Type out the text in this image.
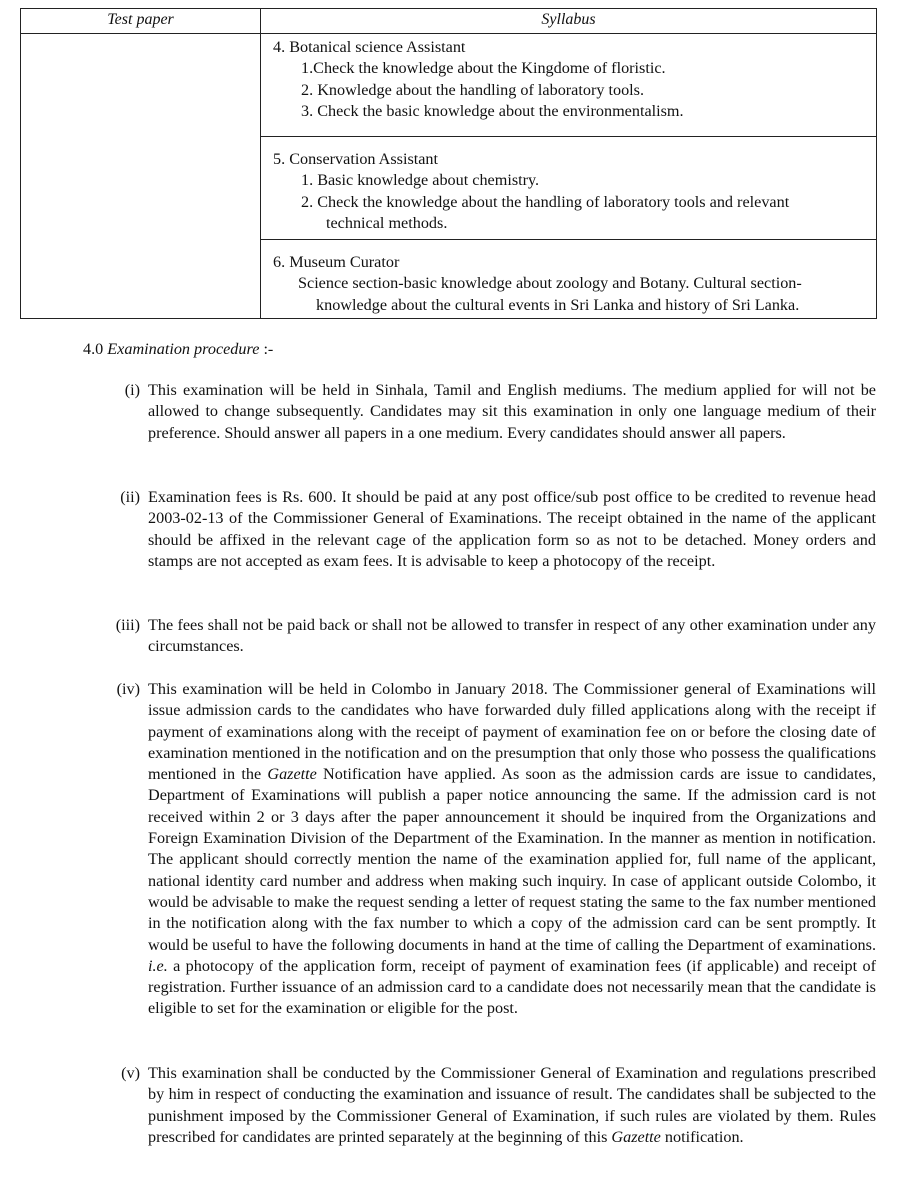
Test paper	Syllabus

	4. Botanical science Assistant
1.Check the knowledge about the Kingdome of floristic.
2. Knowledge about the handling of laboratory tools.
3. Check the basic knowledge about the environmentalism.

	5. Conservation Assistant
1. Basic knowledge about chemistry.
2. Check the knowledge about the handling of laboratory tools and relevant
technical methods.

	6. Museum Curator
Science section-basic knowledge about zoology and Botany. Cultural section-
knowledge about the cultural events in Sri Lanka and history of Sri Lanka.
4.0 Examination procedure :-
(i) This examination will be held in Sinhala, Tamil and English mediums. The medium applied for will not be allowed to change subsequently. Candidates may sit this examination in only one language medium of their preference. Should answer all papers in a one medium. Every candidates should answer all papers.
(ii) Examination fees is Rs. 600. It should be paid at any post office/sub post office to be credited to revenue head 2003-02-13 of the Commissioner General of Examinations. The receipt obtained in the name of the applicant should be affixed in the relevant cage of the application form so as not to be detached. Money orders and stamps are not accepted as exam fees. It is advisable to keep a photocopy of the receipt.
(iii) The fees shall not be paid back or shall not be allowed to transfer in respect of any other examination under any circumstances.
(iv) This examination will be held in Colombo in January 2018. The Commissioner general of Examinations will issue admission cards to the candidates who have forwarded duly filled applications along with the receipt if payment of examinations along with the receipt of payment of examination fee on or before the closing date of examination mentioned in the notification and on the presumption that only those who possess the qualifications mentioned in the Gazette Notification have applied. As soon as the admission cards are issue to candidates, Department of Examinations will publish a paper notice announcing the same. If the admission card is not received within 2 or 3 days after the paper announcement it should be inquired from the Organizations and Foreign Examination Division of the Department of the Examination. In the manner as mention in notification. The applicant should correctly mention the name of the examination applied for, full name of the applicant, national identity card number and address when making such inquiry. In case of applicant outside Colombo, it would be advisable to make the request sending a letter of request stating the same to the fax number mentioned in the notification along with the fax number to which a copy of the admission card can be sent promptly. It would be useful to have the following documents in hand at the time of calling the Department of examinations. i.e. a photocopy of the application form, receipt of payment of examination fees (if applicable) and receipt of registration. Further issuance of an admission card to a candidate does not necessarily mean that the candidate is eligible to set for the examination or eligible for the post.
(v) This examination shall be conducted by the Commissioner General of Examination and regulations prescribed by him in respect of conducting the examination and issuance of result. The candidates shall be subjected to the punishment imposed by the Commissioner General of Examination, if such rules are violated by them. Rules prescribed for candidates are printed separately at the beginning of this Gazette notification.
